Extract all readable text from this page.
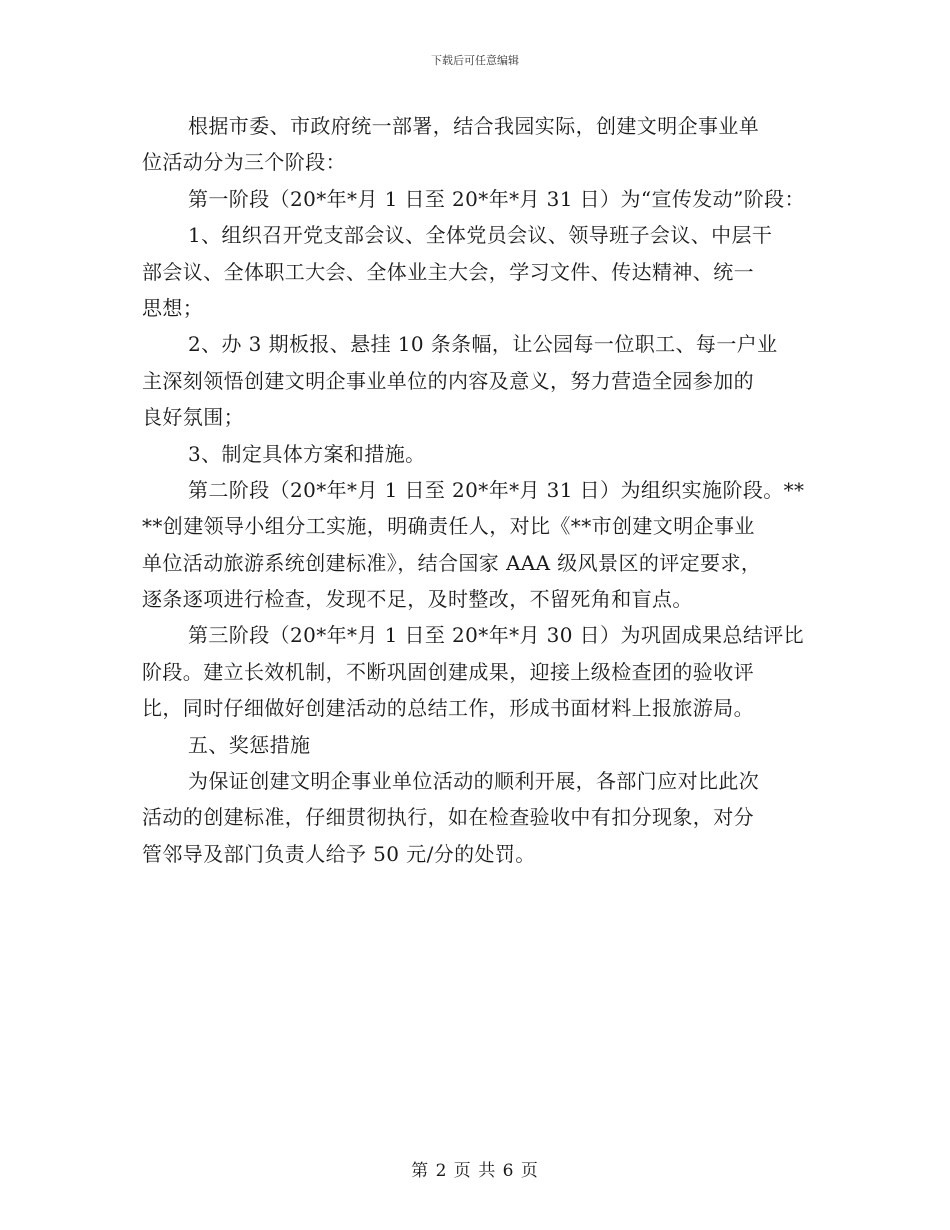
下载后可任意编辑
根据市委、市政府统一部署，结合我园实际，创建文明企事业单
位活动分为三个阶段：
第一阶段（20*年*月 1 日至 20*年*月 31 日）为“宣传发动”阶段：
1、组织召开党支部会议、全体党员会议、领导班子会议、中层干
部会议、全体职工大会、全体业主大会，学习文件、传达精神、统一
思想；
2、办 3 期板报、悬挂 10 条条幅，让公园每一位职工、每一户业
主深刻领悟创建文明企事业单位的内容及意义，努力营造全园参加的
良好氛围；
3、制定具体方案和措施。
第二阶段（20*年*月 1 日至 20*年*月 31 日）为组织实施阶段。**
**创建领导小组分工实施，明确责任人，对比《**市创建文明企事业
单位活动旅游系统创建标准》，结合国家 AAA 级风景区的评定要求，
逐条逐项进行检查，发现不足，及时整改，不留死角和盲点。
第三阶段（20*年*月 1 日至 20*年*月 30 日）为巩固成果总结评比
阶段。建立长效机制，不断巩固创建成果，迎接上级检查团的验收评
比，同时仔细做好创建活动的总结工作，形成书面材料上报旅游局。
五、奖惩措施
为保证创建文明企事业单位活动的顺利开展，各部门应对比此次
活动的创建标准，仔细贯彻执行，如在检查验收中有扣分现象，对分
管邻导及部门负责人给予 50 元/分的处罚。
第 2 页 共 6 页
